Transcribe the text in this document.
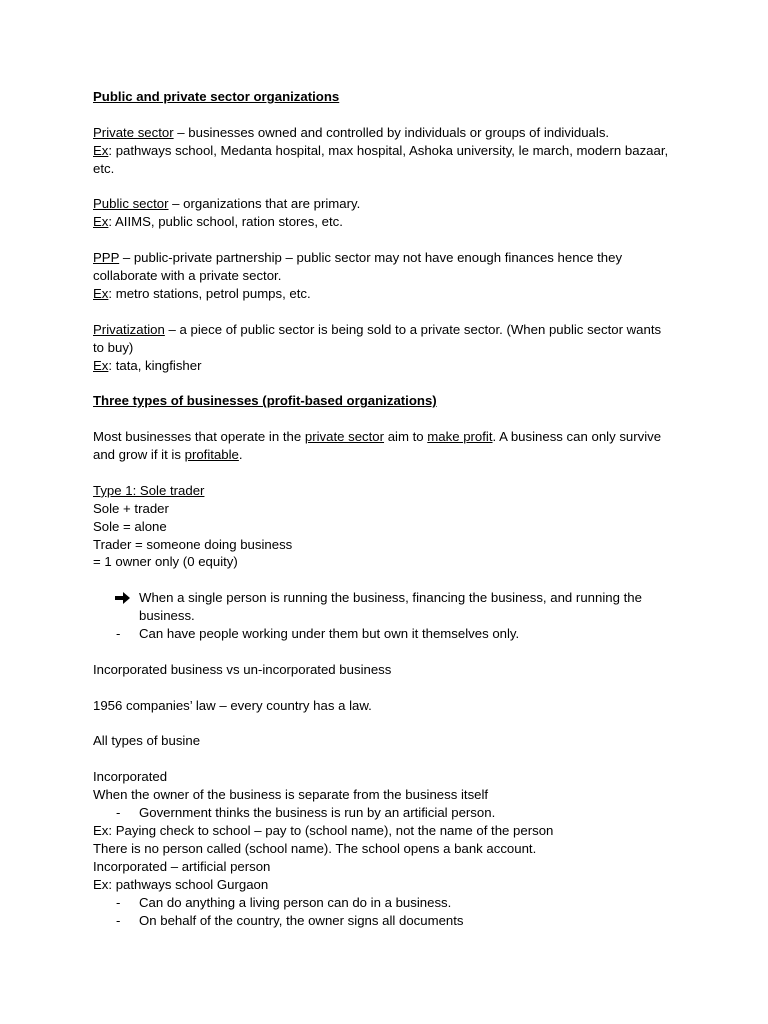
Public and private sector organizations
Private sector – businesses owned and controlled by individuals or groups of individuals.
Ex: pathways school, Medanta hospital, max hospital, Ashoka university, le march, modern bazaar, etc.
Public sector – organizations that are primary.
Ex: AIIMS, public school, ration stores, etc.
PPP – public-private partnership – public sector may not have enough finances hence they collaborate with a private sector.
Ex: metro stations, petrol pumps, etc.
Privatization – a piece of public sector is being sold to a private sector. (When public sector wants to buy)
Ex: tata, kingfisher
Three types of businesses (profit-based organizations)
Most businesses that operate in the private sector aim to make profit. A business can only survive and grow if it is profitable.
Type 1: Sole trader
Sole + trader
Sole = alone
Trader = someone doing business
= 1 owner only (0 equity)
When a single person is running the business, financing the business, and running the business.
- Can have people working under them but own it themselves only.
Incorporated business vs un-incorporated business
1956 companies’ law – every country has a law.
All types of busine
Incorporated
When the owner of the business is separate from the business itself
- Government thinks the business is run by an artificial person.
Ex: Paying check to school – pay to (school name), not the name of the person
There is no person called (school name). The school opens a bank account.
Incorporated – artificial person
Ex: pathways school Gurgaon
- Can do anything a living person can do in a business.
- On behalf of the country, the owner signs all documents
